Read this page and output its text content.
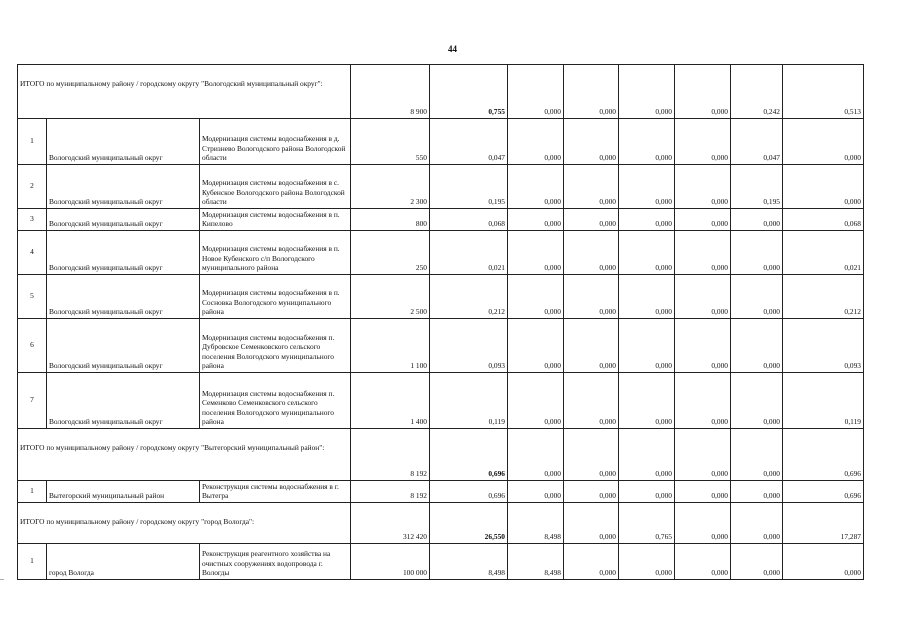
44
ИТОГО по муниципальному району / городскому округу "Вологодский муниципальный округ":			8 900	0,755	0,000	0,000	0,000	0,000	0,242	0,513
1	Вологодский муниципальный округ	Модернизация системы водоснабжения в д. Стризнево Вологодского района Вологодской области	550	0,047	0,000	0,000	0,000	0,000	0,047	0,000
2	Вологодский муниципальный округ	Модернизация системы водоснабжения в с. Кубенское Вологодского района Вологодской области	2 300	0,195	0,000	0,000	0,000	0,000	0,195	0,000
3	Вологодский муниципальный округ	Модернизация системы водоснабжения в п. Кипелово	800	0,068	0,000	0,000	0,000	0,000	0,000	0,068
4	Вологодский муниципальный округ	Модернизация системы водоснабжения в п. Новое Кубенского с/п Вологодского муниципального района	250	0,021	0,000	0,000	0,000	0,000	0,000	0,021
5	Вологодский муниципальный округ	Модернизация системы водоснабжения в п. Сосновка Вологодского муниципального района	2 500	0,212	0,000	0,000	0,000	0,000	0,000	0,212
6	Вологодский муниципальный округ	Модернизация системы водоснабжения п. Дубровское Семенковского сельского поселения Вологодского муниципального района	1 100	0,093	0,000	0,000	0,000	0,000	0,000	0,093
7	Вологодский муниципальный округ	Модернизация системы водоснабжения п. Семенково Семенковского сельского поселения Вологодского муниципального района	1 400	0,119	0,000	0,000	0,000	0,000	0,000	0,119
ИТОГО по муниципальному району / городскому округу "Вытегорский муниципальный район":			8 192	0,696	0,000	0,000	0,000	0,000	0,000	0,696
1	Вытегорский муниципальный район	Реконструкция системы водоснабжения в г. Вытегра	8 192	0,696	0,000	0,000	0,000	0,000	0,000	0,696
ИТОГО по муниципальному району / городскому округу "город Вологда":			312 420	26,550	8,498	0,000	0,765	0,000	0,000	17,287
1	город Вологда	Реконструкция реагентного хозяйства на очистных сооружениях водопровода г. Вологды	100 000	8,498	8,498	0,000	0,000	0,000	0,000	0,000
–
